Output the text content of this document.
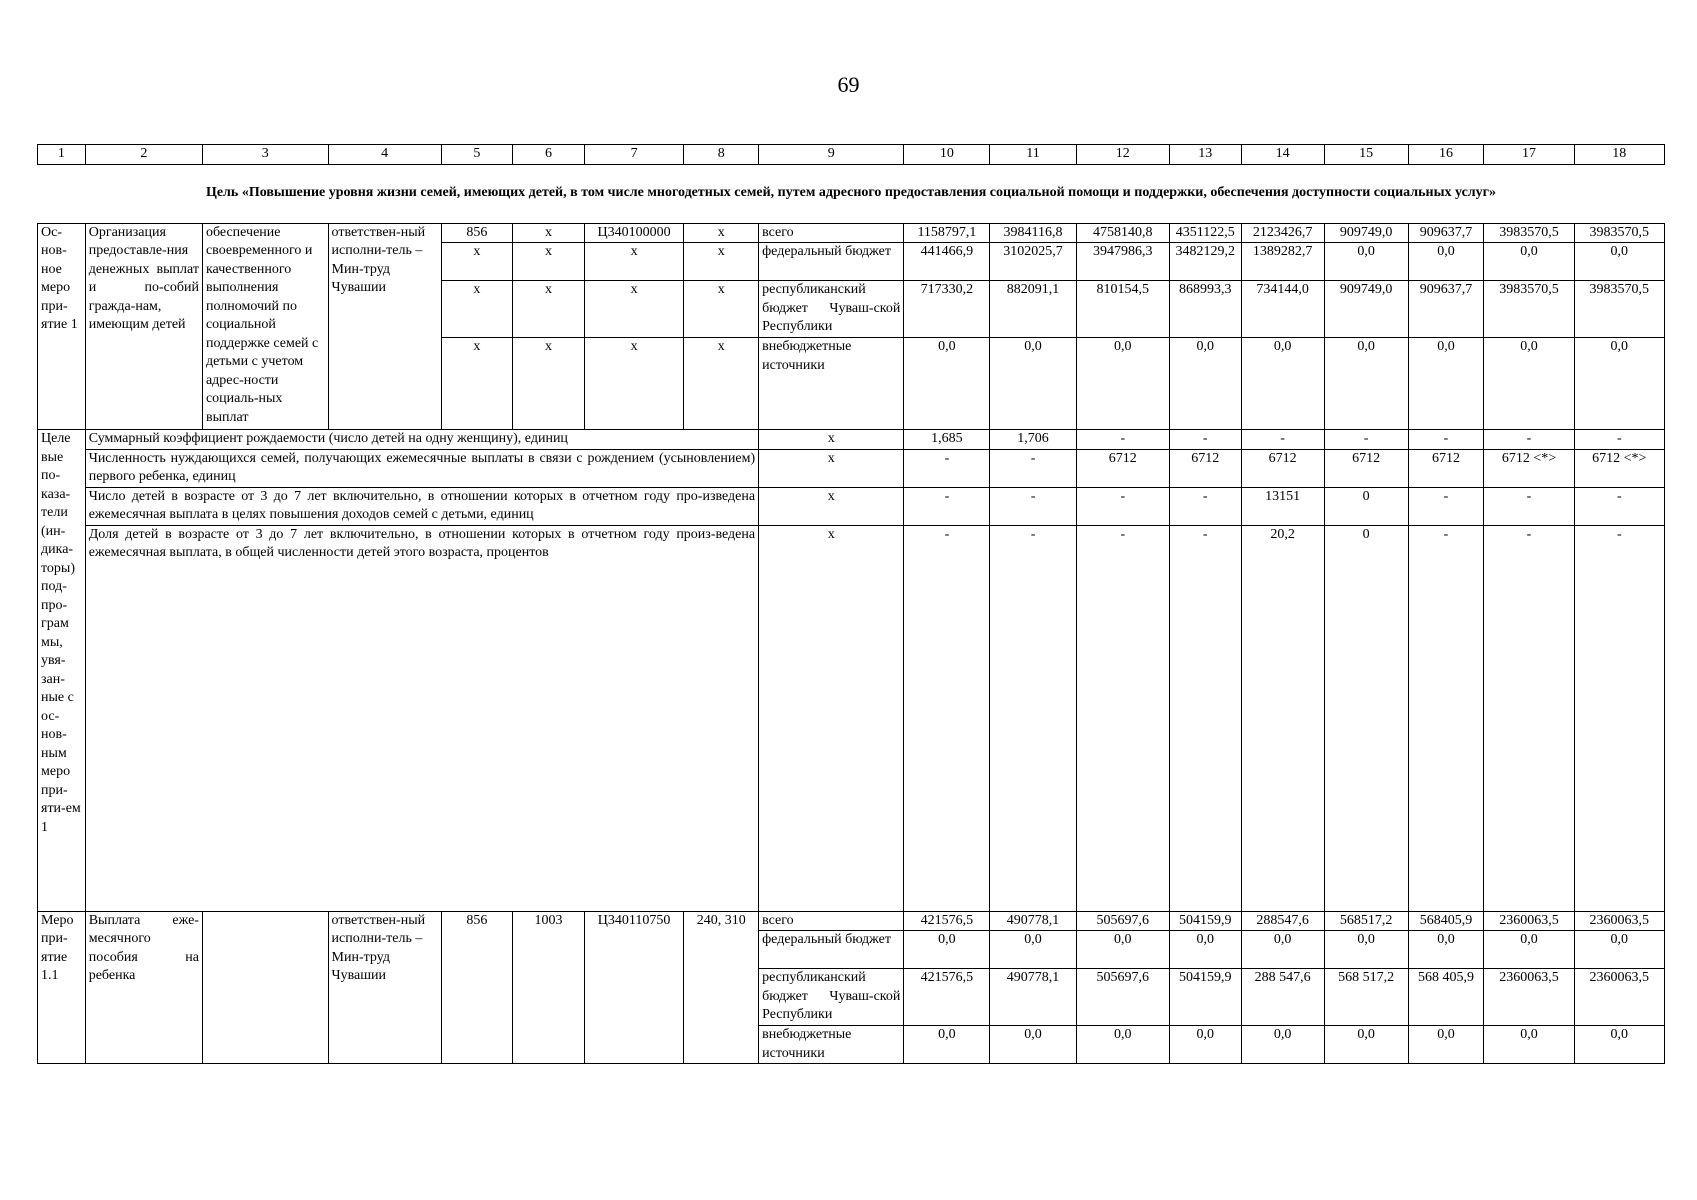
69
1	2	3	4	5	6	7	8	9	10	11	12	13	14	15	16	17	18
Цель «Повышение уровня жизни семей, имеющих детей, в том числе многодетных семей, путем адресного предоставления социальной помощи и поддержки, обеспечения доступности социальных услуг»																	
Ос-нов-ное меро при-ятие 1	Организация предоставле-ния денежных выплат и по-собий гражда-нам, имеющим детей	обеспечение своевременного и качественного выполнения полномочий по социальной поддержке семей с детьми с учетом адрес-ности социаль-ных выплат	ответствен-ный исполни-тель – Мин-труд Чувашии	856	x	Ц340100000	x	всего	1158797,1	3984116,8	4758140,8	4351122,5	2123426,7	909749,0	909637,7	3983570,5	3983570,5
				x	x	x	x	федеральный бюджет	441466,9	3102025,7	3947986,3	3482129,2	1389282,7	0,0	0,0	0,0	0,0
				x	x	x	x	республиканский бюджет Чуваш-ской Республики	717330,2	882091,1	810154,5	868993,3	734144,0	909749,0	909637,7	3983570,5	3983570,5
				x	x	x	x	внебюджетные источники	0,0	0,0	0,0	0,0	0,0	0,0	0,0	0,0	0,0
Целе вые по-каза-тели (ин-дика-торы) под-про-грам мы, увя-зан-ные с ос-нов-ным меро при-яти-ем 1	Суммарный коэффициент рождаемости (число детей на одну женщину), единиц							x	1,685	1,706	-	-	-	-	-	-	-
	Численность нуждающихся семей, получающих ежемесячные выплаты в связи с рождением (усыновлением) первого ребенка, единиц							x	-	-	6712	6712	6712	6712	6712	6712 <*>	6712 <*>
	Число детей в возрасте от 3 до 7 лет включительно, в отношении которых в отчетном году про-изведена ежемесячная выплата в целях повышения доходов семей с детьми, единиц							x	-	-	-	-	13151	0	-	-	-
	Доля детей в возрасте от 3 до 7 лет включительно, в отношении которых в отчетном году произ-ведена ежемесячная выплата, в общей численности детей этого возраста, процентов							x	-	-	-	-	20,2	0	-	-	-
Меро при-ятие 1.1	Выплата еже-месячного пособия на ребенка		ответствен-ный исполни-тель – Мин-труд Чувашии	856	1003	Ц340110750	240, 310	всего	421576,5	490778,1	505697,6	504159,9	288547,6	568517,2	568405,9	2360063,5	2360063,5
								федеральный бюджет	0,0	0,0	0,0	0,0	0,0	0,0	0,0	0,0	0,0
								республиканский бюджет Чуваш-ской Республики	421576,5	490778,1	505697,6	504159,9	288 547,6	568 517,2	568 405,9	2360063,5	2360063,5
								внебюджетные источники	0,0	0,0	0,0	0,0	0,0	0,0	0,0	0,0	0,0
